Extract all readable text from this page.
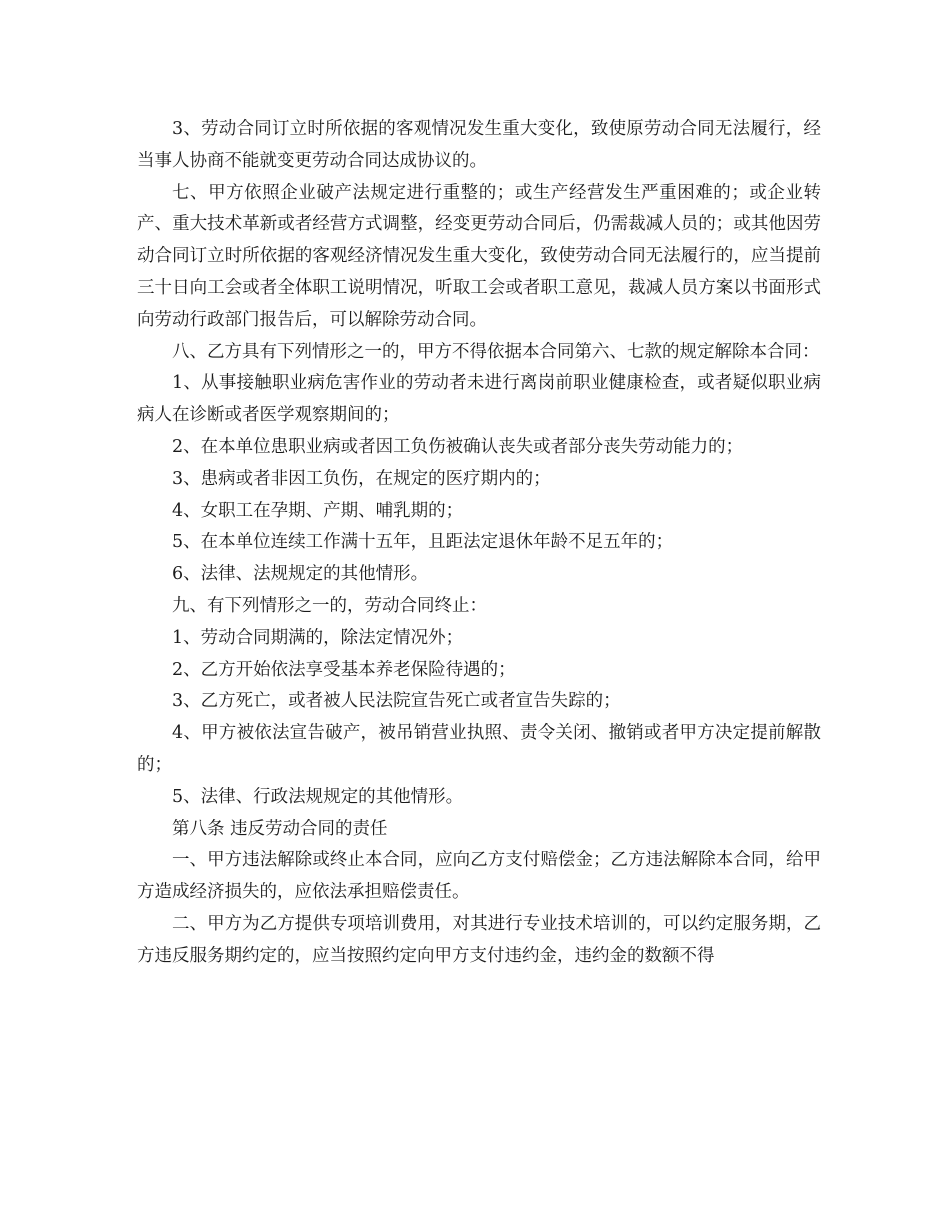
3、劳动合同订立时所依据的客观情况发生重大变化，致使原劳动合同无法履行，经当事人协商不能就变更劳动合同达成协议的。

七、甲方依照企业破产法规定进行重整的；或生产经营发生严重困难的；或企业转产、重大技术革新或者经营方式调整，经变更劳动合同后，仍需裁减人员的；或其他因劳动合同订立时所依据的客观经济情况发生重大变化，致使劳动合同无法履行的，应当提前三十日向工会或者全体职工说明情况，听取工会或者职工意见，裁减人员方案以书面形式向劳动行政部门报告后，可以解除劳动合同。

八、乙方具有下列情形之一的，甲方不得依据本合同第六、七款的规定解除本合同：

1、从事接触职业病危害作业的劳动者未进行离岗前职业健康检查，或者疑似职业病病人在诊断或者医学观察期间的；

2、在本单位患职业病或者因工负伤被确认丧失或者部分丧失劳动能力的；

3、患病或者非因工负伤，在规定的医疗期内的；

4、女职工在孕期、产期、哺乳期的；

5、在本单位连续工作满十五年，且距法定退休年龄不足五年的；

6、法律、法规规定的其他情形。

九、有下列情形之一的，劳动合同终止：

1、劳动合同期满的，除法定情况外；

2、乙方开始依法享受基本养老保险待遇的；

3、乙方死亡，或者被人民法院宣告死亡或者宣告失踪的；

4、甲方被依法宣告破产，被吊销营业执照、责令关闭、撤销或者甲方决定提前解散的；

5、法律、行政法规规定的其他情形。

第八条 违反劳动合同的责任

一、甲方违法解除或终止本合同，应向乙方支付赔偿金；乙方违法解除本合同，给甲方造成经济损失的，应依法承担赔偿责任。

二、甲方为乙方提供专项培训费用，对其进行专业技术培训的，可以约定服务期，乙方违反服务期约定的，应当按照约定向甲方支付违约金，违约金的数额不得
